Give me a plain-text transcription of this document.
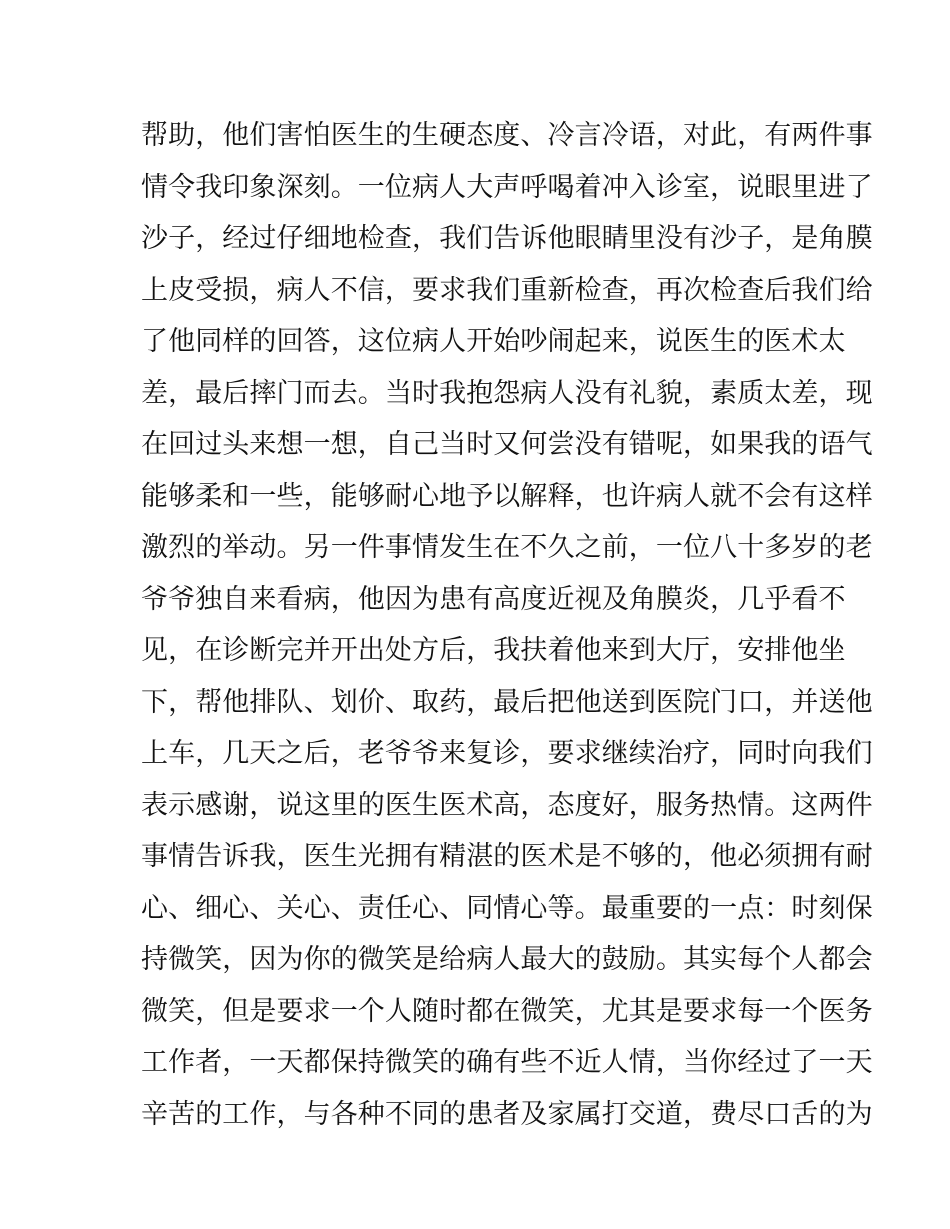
帮助，他们害怕医生的生硬态度、冷言冷语，对此，有两件事
情令我印象深刻。一位病人大声呼喝着冲入诊室，说眼里进了
沙子，经过仔细地检查，我们告诉他眼睛里没有沙子，是角膜
上皮受损，病人不信，要求我们重新检查，再次检查后我们给
了他同样的回答，这位病人开始吵闹起来，说医生的医术太
差，最后摔门而去。当时我抱怨病人没有礼貌，素质太差，现
在回过头来想一想，自己当时又何尝没有错呢，如果我的语气
能够柔和一些，能够耐心地予以解释，也许病人就不会有这样
激烈的举动。另一件事情发生在不久之前，一位八十多岁的老
爷爷独自来看病，他因为患有高度近视及角膜炎，几乎看不
见，在诊断完并开出处方后，我扶着他来到大厅，安排他坐
下，帮他排队、划价、取药，最后把他送到医院门口，并送他
上车，几天之后，老爷爷来复诊，要求继续治疗，同时向我们
表示感谢，说这里的医生医术高，态度好，服务热情。这两件
事情告诉我，医生光拥有精湛的医术是不够的，他必须拥有耐
心、细心、关心、责任心、同情心等。最重要的一点：时刻保
持微笑，因为你的微笑是给病人最大的鼓励。其实每个人都会
微笑，但是要求一个人随时都在微笑，尤其是要求每一个医务
工作者，一天都保持微笑的确有些不近人情，当你经过了一天
辛苦的工作，与各种不同的患者及家属打交道，费尽口舌的为
